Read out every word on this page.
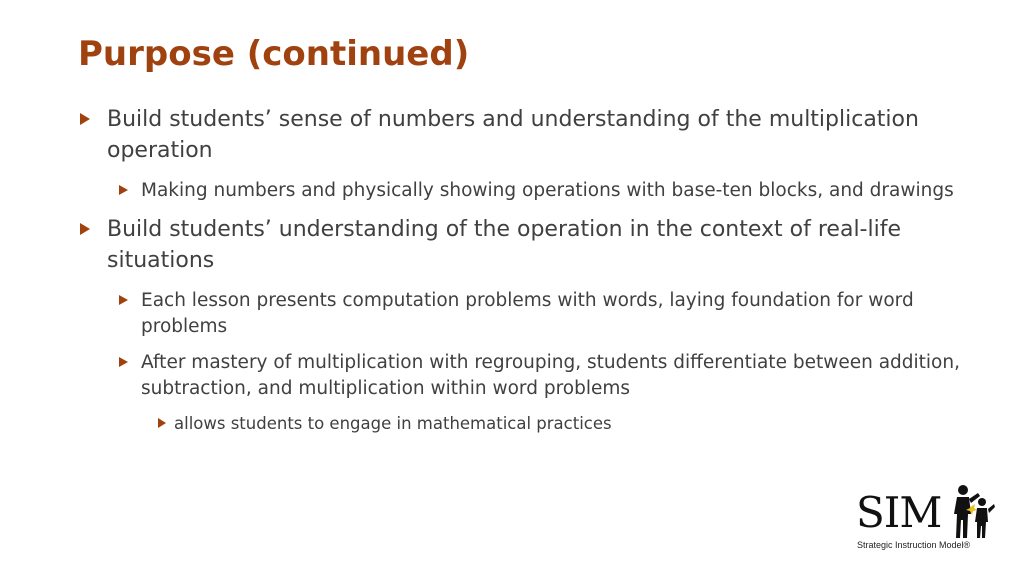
Purpose (continued)
Build students’ sense of numbers and understanding of the multiplication operation
Making numbers and physically showing operations with base-ten blocks, and drawings
Build students’ understanding of the operation in the context of real-life situations
Each lesson presents computation problems with words, laying foundation for word problems
After mastery of multiplication with regrouping, students differentiate between addition, subtraction, and multiplication within word problems
allows students to engage in mathematical practices
SIM
Strategic Instruction Model®
